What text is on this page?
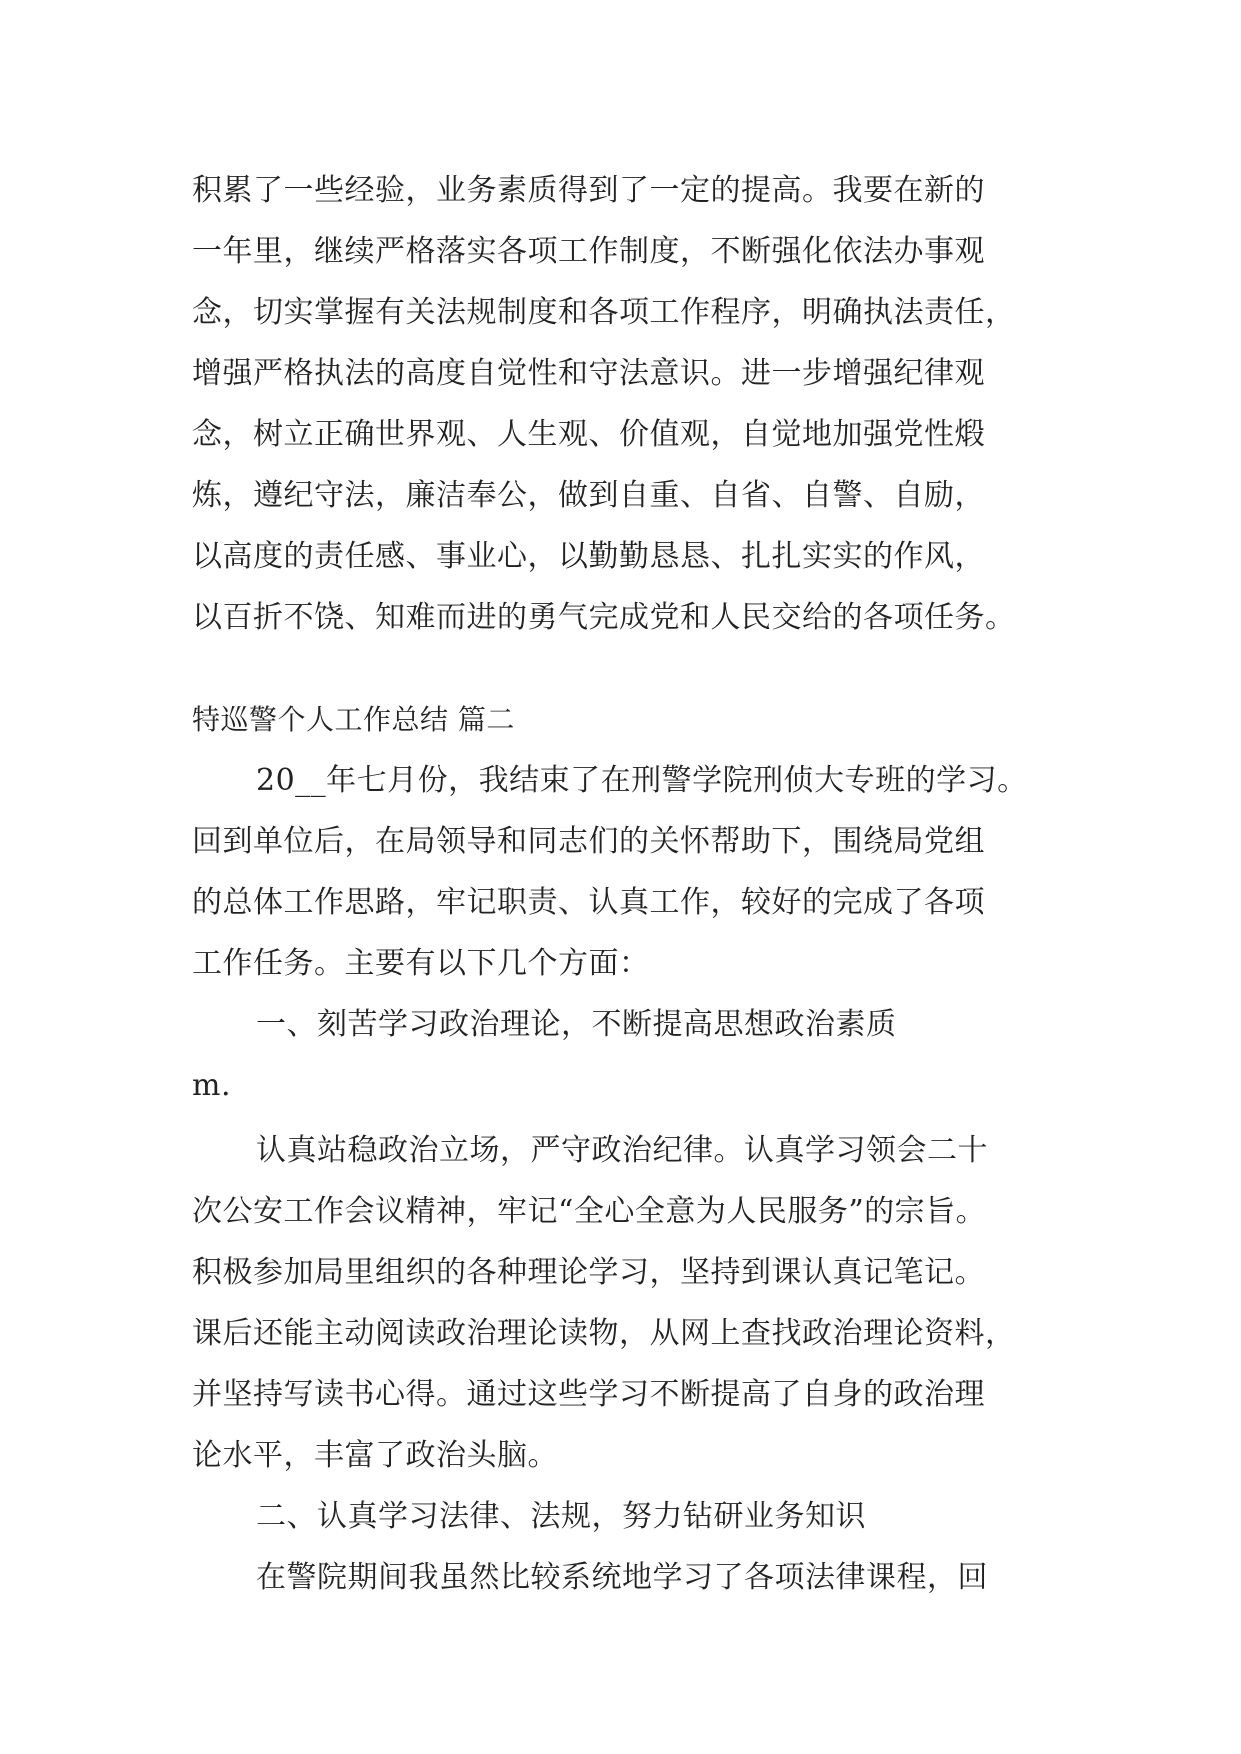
积累了一些经验，业务素质得到了一定的提高。我要在新的
一年里，继续严格落实各项工作制度，不断强化依法办事观
念，切实掌握有关法规制度和各项工作程序，明确执法责任，
增强严格执法的高度自觉性和守法意识。进一步增强纪律观
念，树立正确世界观、人生观、价值观，自觉地加强党性煅
炼，遵纪守法，廉洁奉公，做到自重、自省、自警、自励，
以高度的责任感、事业心，以勤勤恳恳、扎扎实实的作风，
以百折不饶、知难而进的勇气完成党和人民交给的各项任务。
特巡警个人工作总结 篇二
20__年七月份，我结束了在刑警学院刑侦大专班的学习。
回到单位后，在局领导和同志们的关怀帮助下，围绕局党组
的总体工作思路，牢记职责、认真工作，较好的完成了各项
工作任务。主要有以下几个方面：
一、刻苦学习政治理论，不断提高思想政治素质
m.
认真站稳政治立场，严守政治纪律。认真学习领会二十
次公安工作会议精神，牢记“全心全意为人民服务”的宗旨。
积极参加局里组织的各种理论学习，坚持到课认真记笔记。
课后还能主动阅读政治理论读物，从网上查找政治理论资料，
并坚持写读书心得。通过这些学习不断提高了自身的政治理
论水平，丰富了政治头脑。
二、认真学习法律、法规，努力钻研业务知识
在警院期间我虽然比较系统地学习了各项法律课程，回
